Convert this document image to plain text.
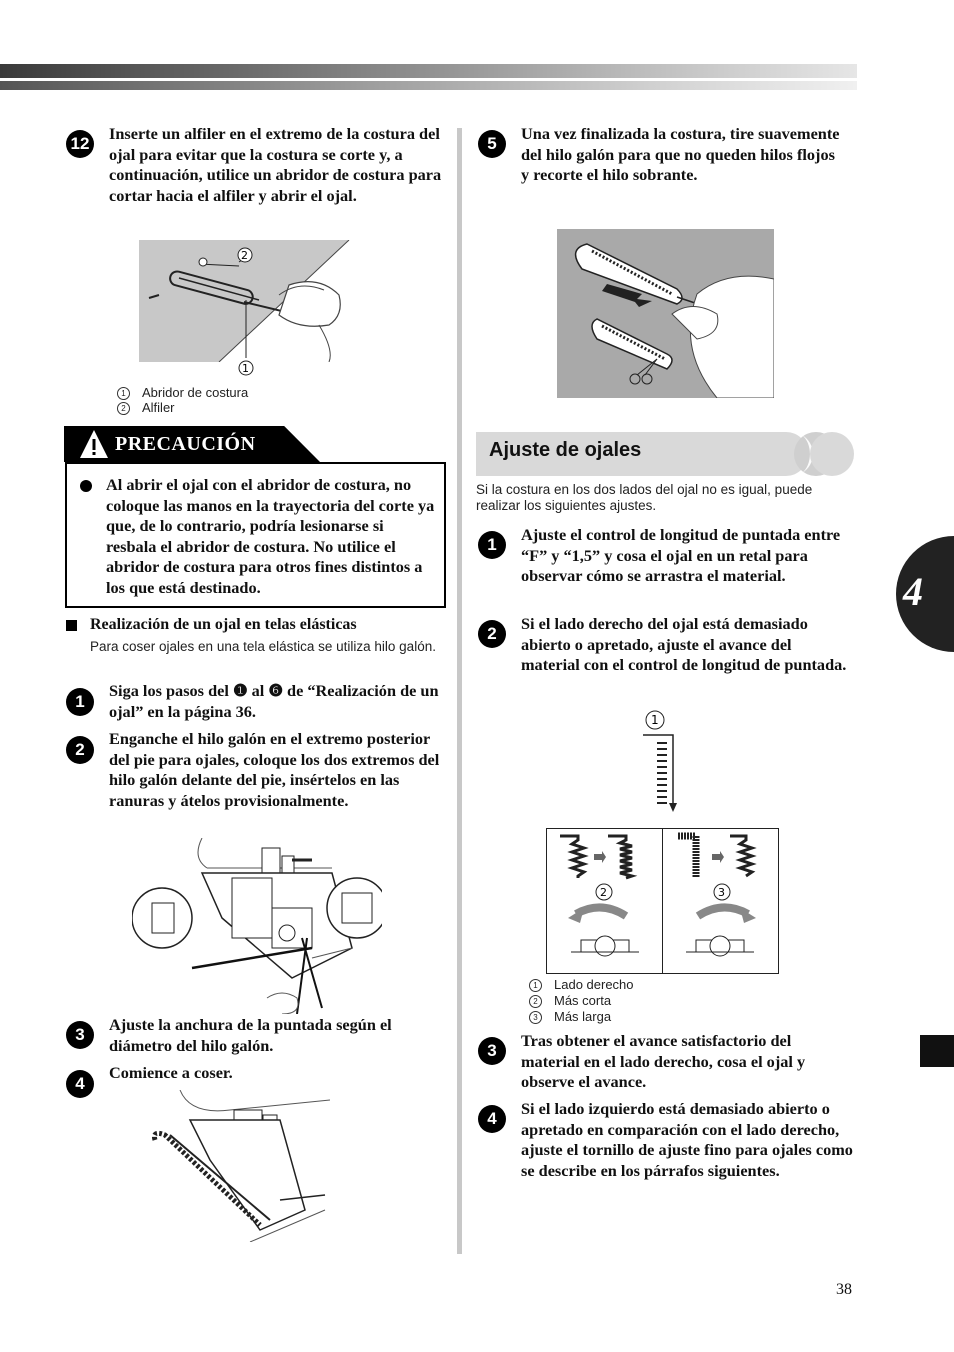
12
Inserte un alfiler en el extremo de la costura del ojal para evitar que la costura se corte y, a continuación, utilice un abridor de costura para cortar hacia el alfiler y abrir el ojal.
2
1
1 Abridor de costura
2 Alfiler
PRECAUCIÓN
Al abrir el ojal con el abridor de costura, no coloque las manos en la trayectoria del corte ya que, de lo contrario, podría lesionarse si resbala el abridor de costura. No utilice el abridor de costura para otros fines distintos a los que está destinado.
Realización de un ojal en telas elásticas
Para coser ojales en una tela elástica se utiliza hilo galón.
1
Siga los pasos del ❶ al ❻ de “Realización de un ojal” en la página 36.
2
Enganche el hilo galón en el extremo posterior del pie para ojales, coloque los dos extremos del hilo galón delante del pie, insértelos en las ranuras y átelos provisionalmente.
3
Ajuste la anchura de la puntada según el diámetro del hilo galón.
4
Comience a coser.
5
Una vez finalizada la costura, tire suavemente del hilo galón para que no queden hilos flojos y recorte el hilo sobrante.
Ajuste de ojales
Si la costura en los dos lados del ojal no es igual, puede realizar los siguientes ajustes.
1
Ajuste el control de longitud de puntada entre “F” y “1,5” y cosa el ojal en un retal para observar cómo se arrastra el material.
2
Si el lado derecho del ojal está demasiado abierto o apretado, ajuste el avance del material con el control de longitud de puntada.
1
2	3
1 Lado derecho
2 Más corta
3 Más larga
3
Tras obtener el avance satisfactorio del material en el lado derecho, cosa el ojal y observe el avance.
4
Si el lado izquierdo está demasiado abierto o apretado en comparación con el lado derecho, ajuste el tornillo de ajuste fino para ojales como se describe en los párrafos siguientes.
4
38
